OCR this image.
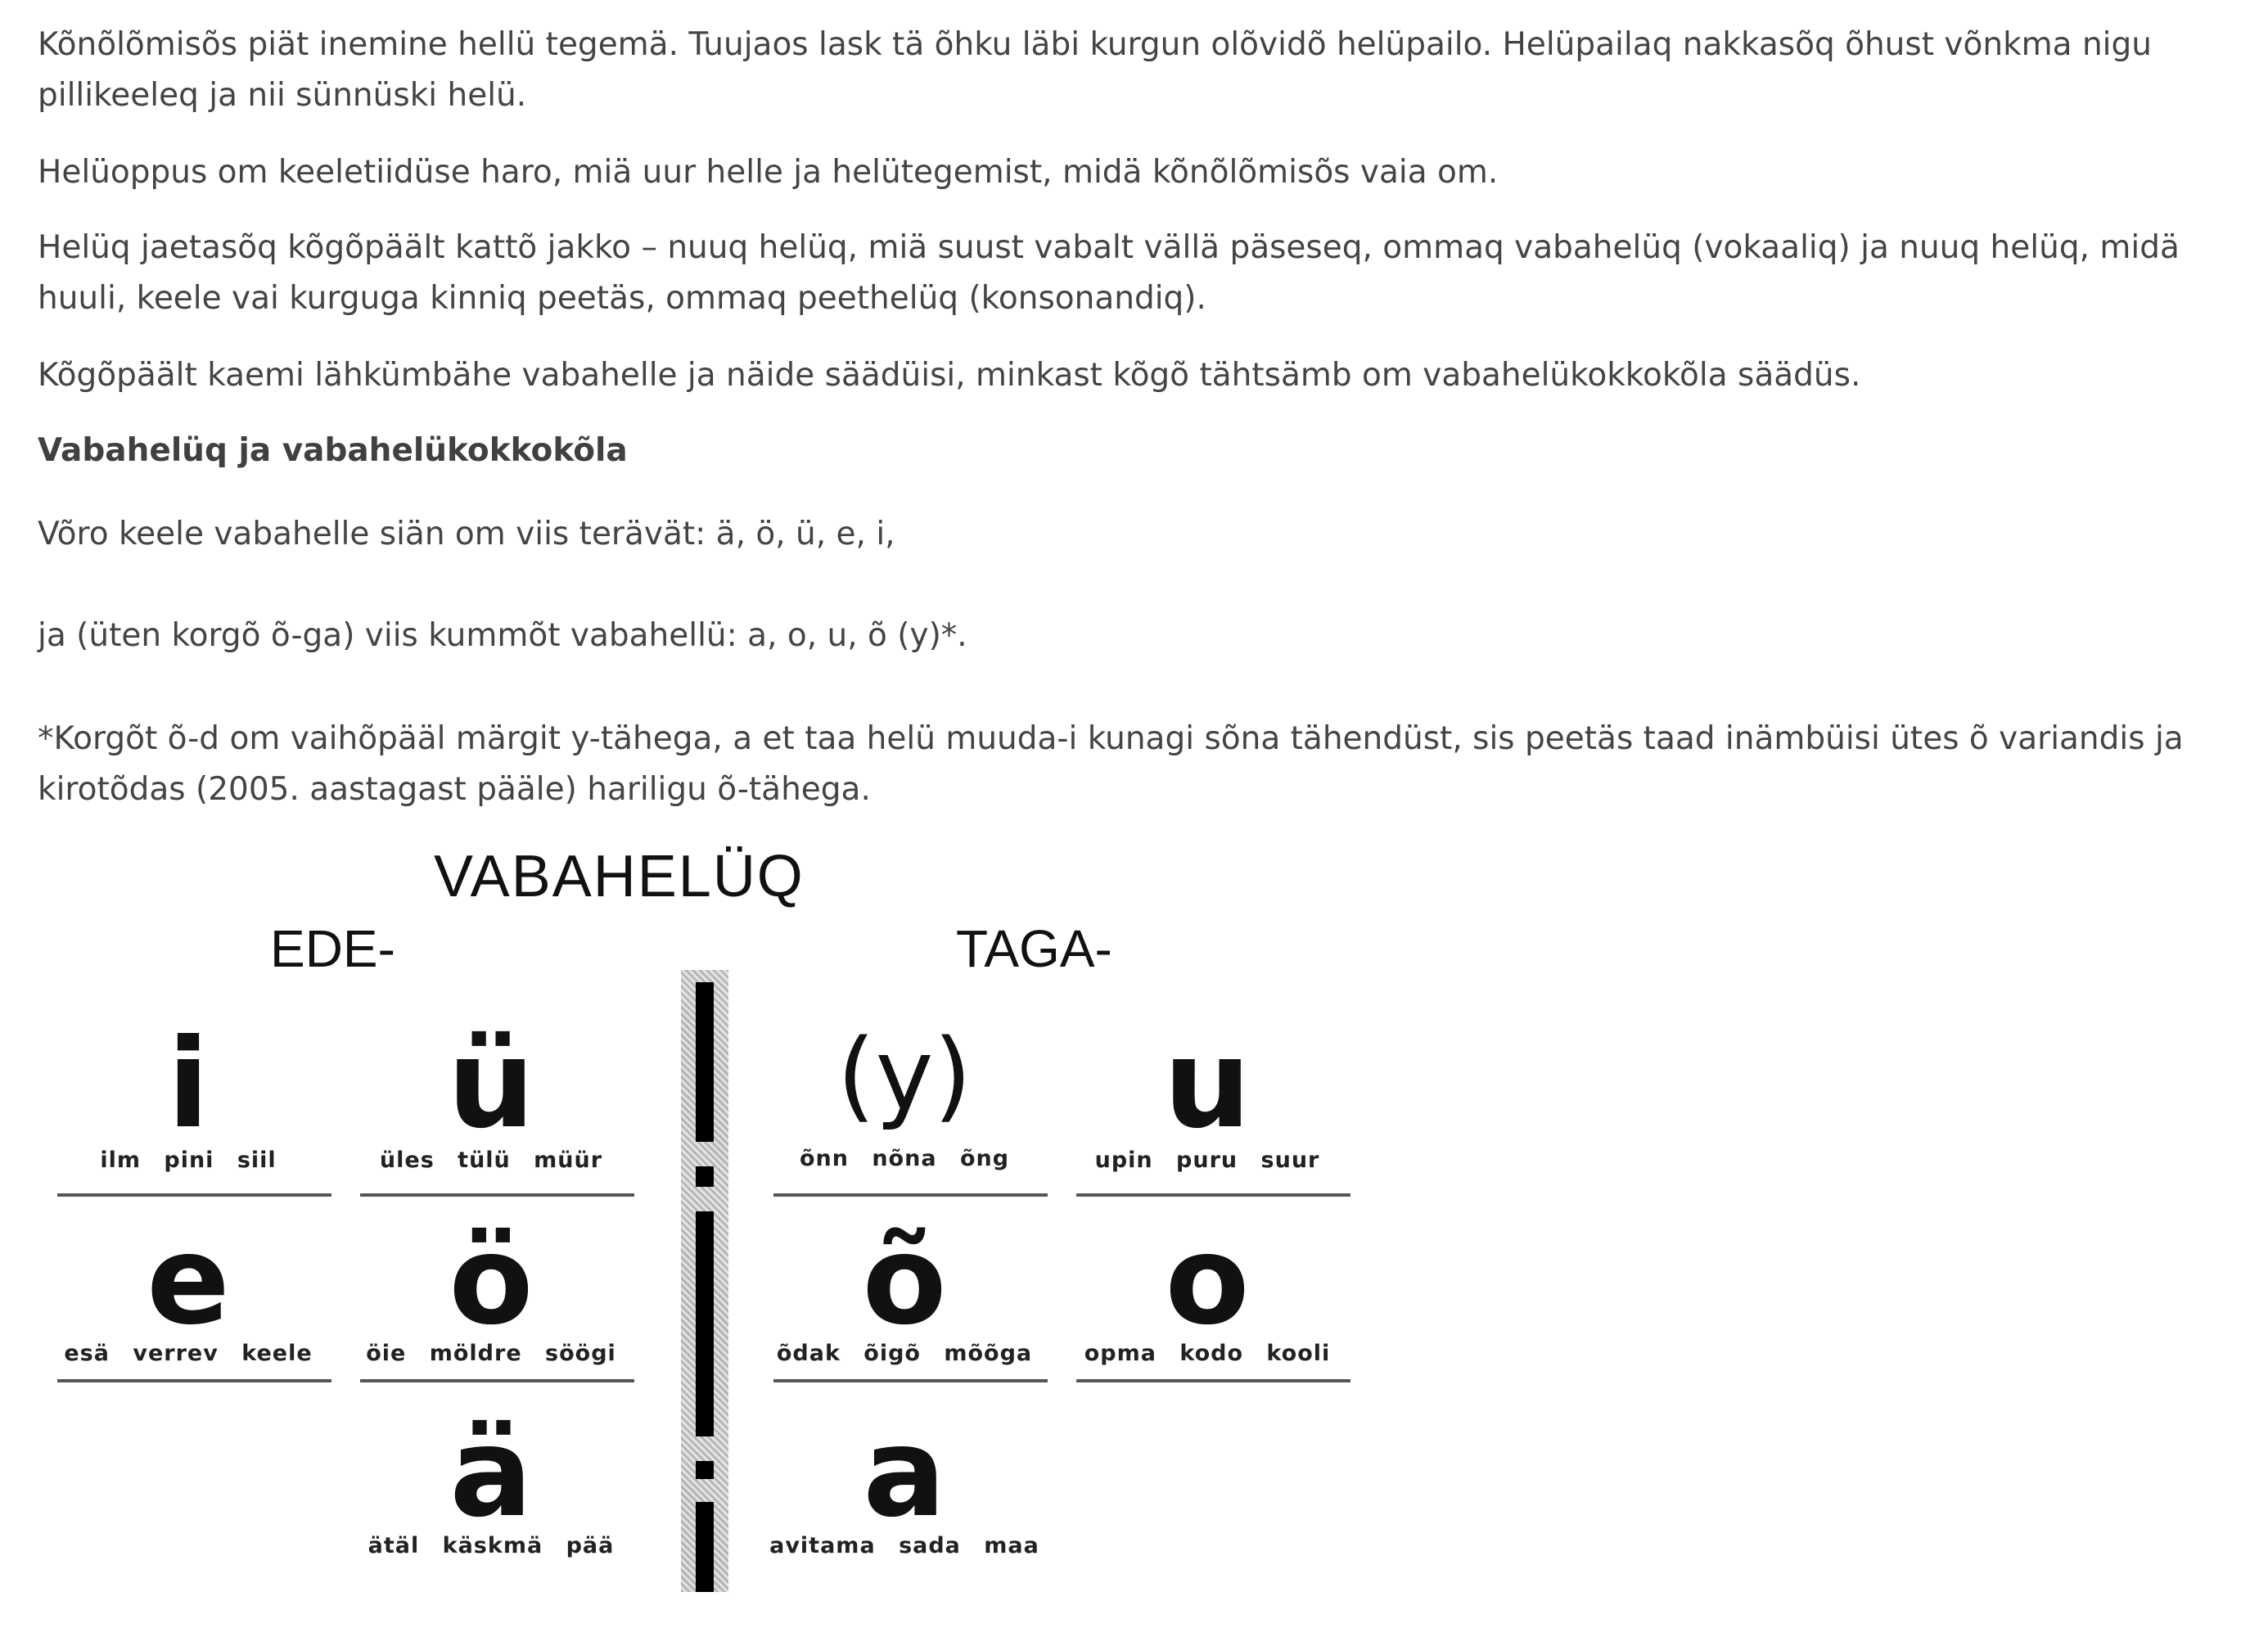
Kõnõlõmisõs piät inemine hellü tegemä. Tuujaos lask tä õhku läbi kurgun olõvidõ helüpailo. Helüpailaq nakkasõq õhust võnkma nigu pillikeeleq ja nii sünnüski helü.

Helüoppus om keeletiidüse haro, miä uur helle ja helütegemist, midä kõnõlõmisõs vaia om.

Helüq jaetasõq kõgõpäält kattõ jakko – nuuq helüq, miä suust vabalt vällä päseseq, ommaq vabahelüq (vokaaliq) ja nuuq helüq, midä huuli, keele vai kurguga kinniq peetäs, ommaq peethelüq (konsonandiq).

Kõgõpäält kaemi lähkümbähe vabahelle ja näide säädüisi, minkast kõgõ tähtsämb om vabahelükokkokõla säädüs.

Vabahelüq ja vabahelükokkokõla

Võro keele vabahelle siän om viis terävät: ä, ö, ü, e, i,

ja (üten korgõ õ-ga) viis kummõt vabahellü: a, o, u, õ (y)*.

*Korgõt õ-d om vaihõpääl märgit y-tähega, a et taa helü muuda-i kunagi sõna tähendüst, sis peetäs taad inämbüisi ütes õ variandis ja kirotõdas (2005. aastagast pääle) hariligu õ-tähega.

VABAHELÜQ
EDE-	TAGA-
i
ilm pini siil
e
esä verrev keele
ü
üles tülü müür
ö
öie möldre söögi
ä
ätäl käskmä pää
(y)
õnn nõna õng
õ
õdak õigõ mõõga
a
avitama sada maa
u
upin puru suur
o
opma kodo kooli
